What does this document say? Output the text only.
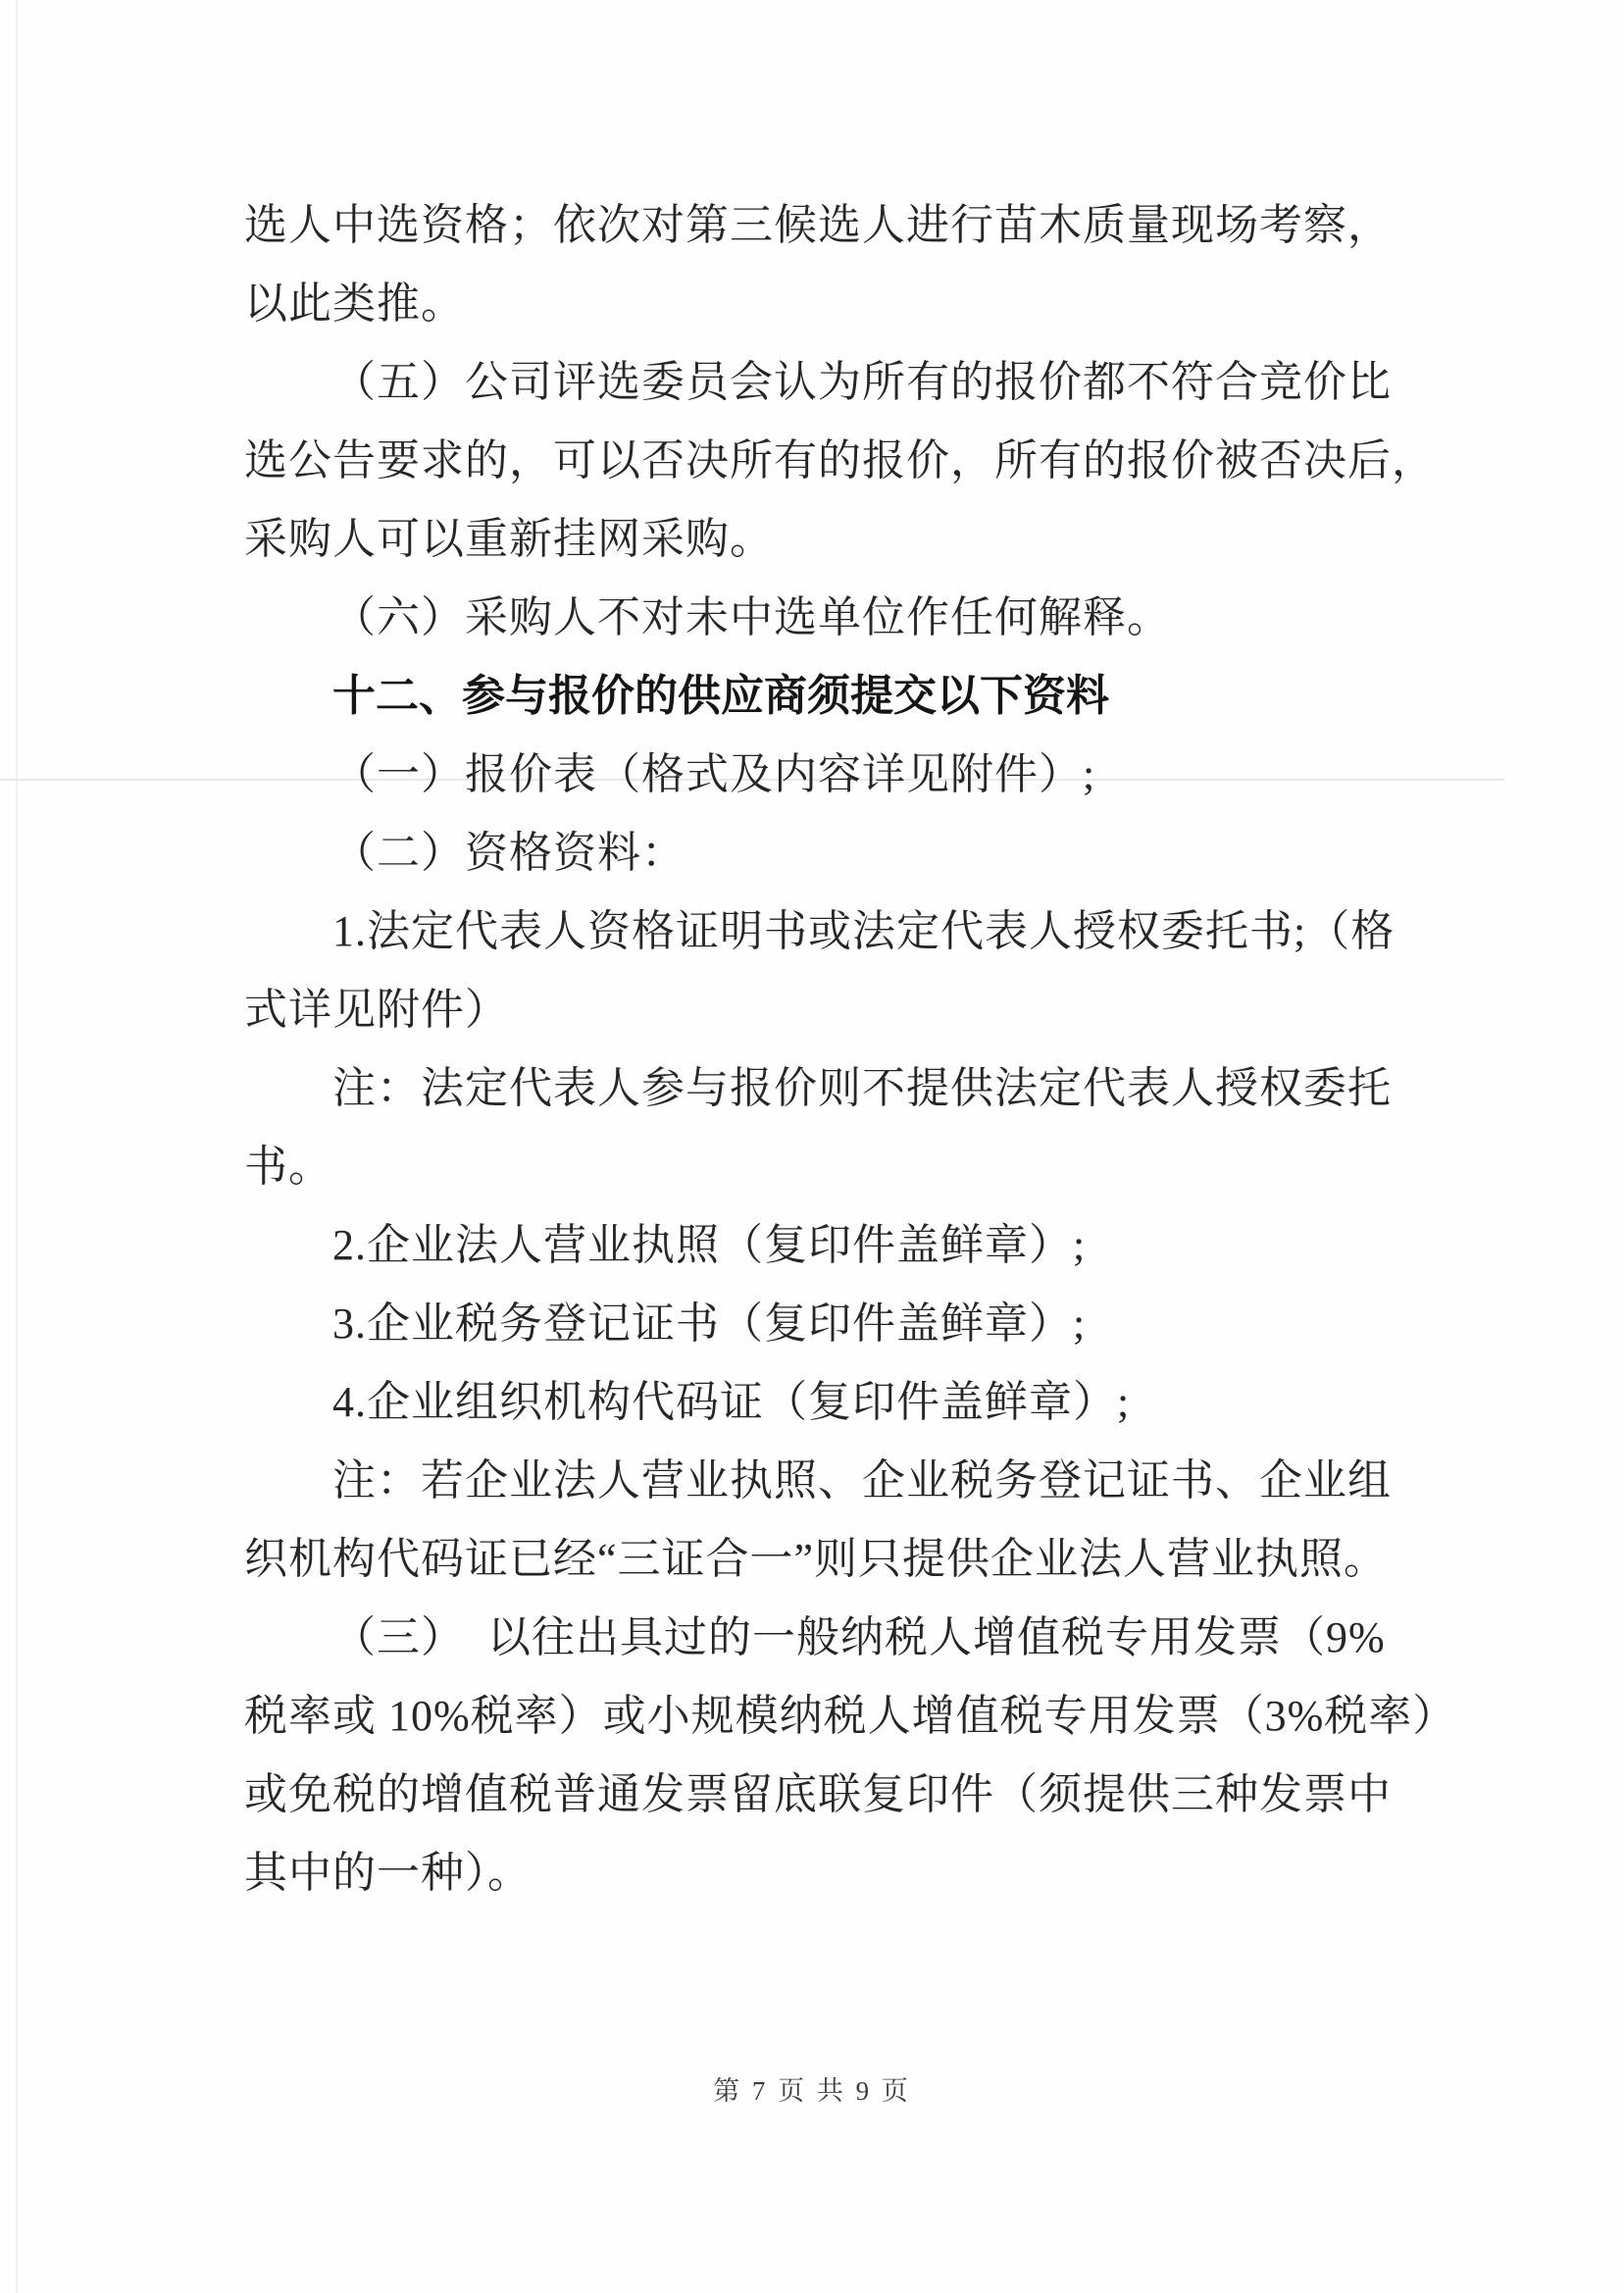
选人中选资格；依次对第三候选人进行苗木质量现场考察，
以此类推。
（五）公司评选委员会认为所有的报价都不符合竞价比
选公告要求的，可以否决所有的报价，所有的报价被否决后，
采购人可以重新挂网采购。
（六）采购人不对未中选单位作任何解释。
十二、参与报价的供应商须提交以下资料
（一）报价表（格式及内容详见附件）;
（二）资格资料：
1.法定代表人资格证明书或法定代表人授权委托书;（格
式详见附件）
注：法定代表人参与报价则不提供法定代表人授权委托
书。
2.企业法人营业执照（复印件盖鲜章）;
3.企业税务登记证书（复印件盖鲜章）;
4.企业组织机构代码证（复印件盖鲜章）;
注：若企业法人营业执照、企业税务登记证书、企业组
织机构代码证已经“三证合一”则只提供企业法人营业执照。
（三）　以往出具过的一般纳税人增值税专用发票（9%
税率或 10%税率）或小规模纳税人增值税专用发票（3%税率）
或免税的增值税普通发票留底联复印件（须提供三种发票中
其中的一种）。
第 7 页 共 9 页
